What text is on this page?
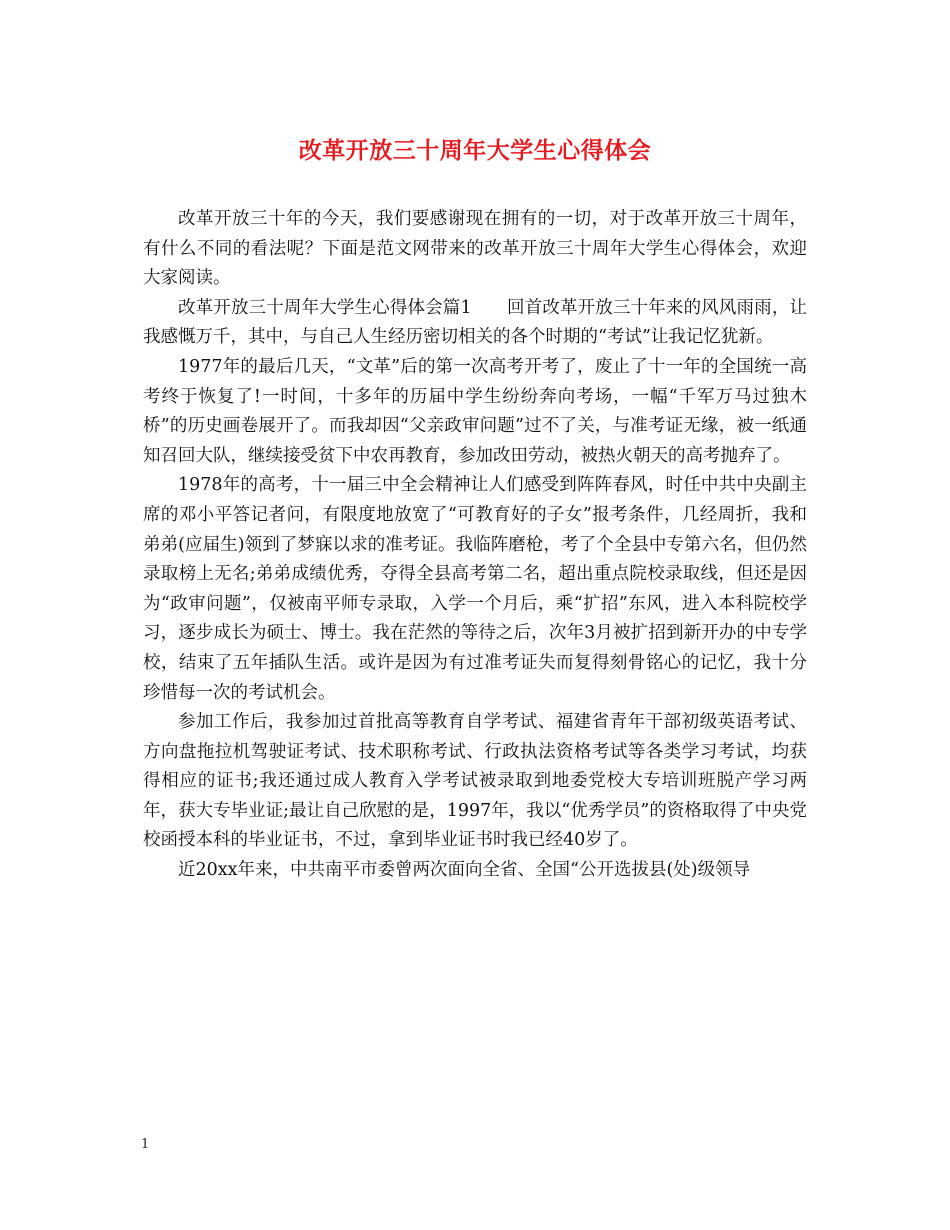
改革开放三十周年大学生心得体会

改革开放三十年的今天，我们要感谢现在拥有的一切，对于改革开放三十周年，有什么不同的看法呢？下面是范文网带来的改革开放三十周年大学生心得体会，欢迎大家阅读。

改革开放三十周年大学生心得体会篇1　　回首改革开放三十年来的风风雨雨，让我感慨万千，其中，与自己人生经历密切相关的各个时期的“考试”让我记忆犹新。

1977年的最后几天，“文革”后的第一次高考开考了，废止了十一年的全国统一高考终于恢复了!一时间，十多年的历届中学生纷纷奔向考场，一幅“千军万马过独木桥”的历史画卷展开了。而我却因“父亲政审问题”过不了关，与准考证无缘，被一纸通知召回大队，继续接受贫下中农再教育，参加改田劳动，被热火朝天的高考抛弃了。

1978年的高考，十一届三中全会精神让人们感受到阵阵春风，时任中共中央副主席的邓小平答记者问，有限度地放宽了“可教育好的子女”报考条件，几经周折，我和弟弟(应届生)领到了梦寐以求的准考证。我临阵磨枪，考了个全县中专第六名，但仍然录取榜上无名;弟弟成绩优秀，夺得全县高考第二名，超出重点院校录取线，但还是因为“政审问题”，仅被南平师专录取，入学一个月后，乘“扩招”东风，进入本科院校学习，逐步成长为硕士、博士。我在茫然的等待之后，次年3月被扩招到新开办的中专学校，结束了五年插队生活。或许是因为有过准考证失而复得刻骨铭心的记忆，我十分珍惜每一次的考试机会。

参加工作后，我参加过首批高等教育自学考试、福建省青年干部初级英语考试、方向盘拖拉机驾驶证考试、技术职称考试、行政执法资格考试等各类学习考试，均获得相应的证书;我还通过成人教育入学考试被录取到地委党校大专培训班脱产学习两年，获大专毕业证;最让自己欣慰的是，1997年，我以“优秀学员”的资格取得了中央党校函授本科的毕业证书，不过，拿到毕业证书时我已经40岁了。

近20xx年来，中共南平市委曾两次面向全省、全国“公开选拔县(处)级领导

1
